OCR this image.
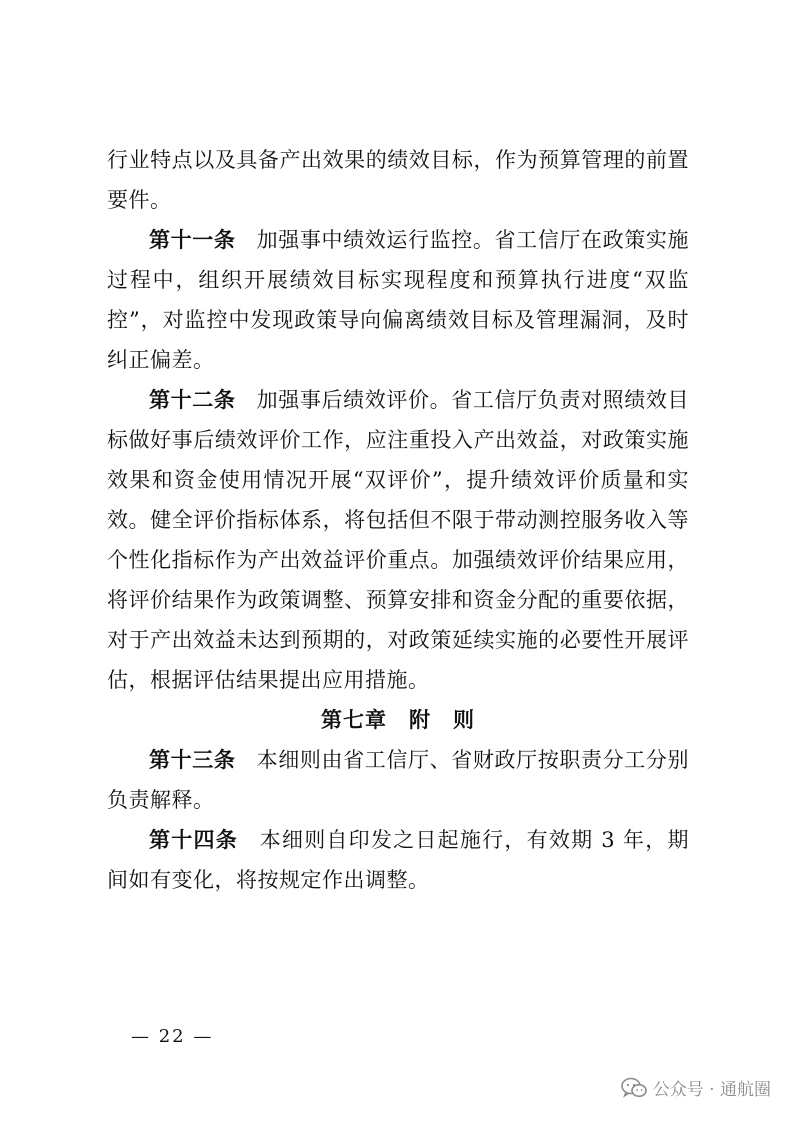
行业特点以及具备产出效果的绩效目标，作为预算管理的前置要件。

第十一条 加强事中绩效运行监控。省工信厅在政策实施过程中，组织开展绩效目标实现程度和预算执行进度“双监控”，对监控中发现政策导向偏离绩效目标及管理漏洞，及时纠正偏差。

第十二条 加强事后绩效评价。省工信厅负责对照绩效目标做好事后绩效评价工作，应注重投入产出效益，对政策实施效果和资金使用情况开展“双评价”，提升绩效评价质量和实效。健全评价指标体系，将包括但不限于带动测控服务收入等个性化指标作为产出效益评价重点。加强绩效评价结果应用，将评价结果作为政策调整、预算安排和资金分配的重要依据，对于产出效益未达到预期的，对政策延续实施的必要性开展评估，根据评估结果提出应用措施。

第七章　附　则

第十三条 本细则由省工信厅、省财政厅按职责分工分别负责解释。

第十四条 本细则自印发之日起施行，有效期 3 年，期间如有变化，将按规定作出调整。

— 22 —
公众号 · 通航圈
